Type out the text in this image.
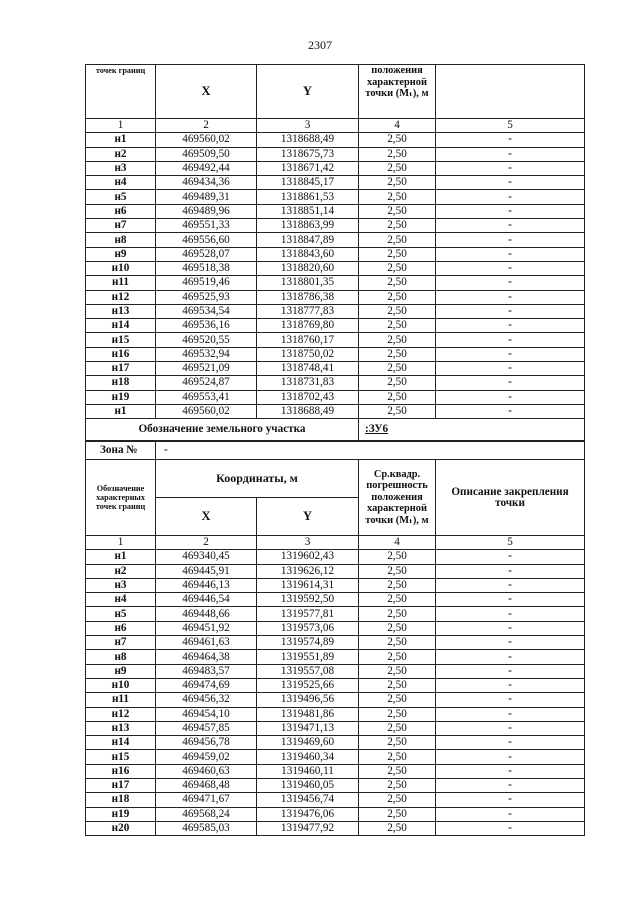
2307
точек границ	X	Y	положения характерной точки (Mₜ), м	
1	2	3	4	5
н1	469560,02	1318688,49	2,50	-
н2	469509,50	1318675,73	2,50	-
н3	469492,44	1318671,42	2,50	-
н4	469434,36	1318845,17	2,50	-
н5	469489,31	1318861,53	2,50	-
н6	469489,96	1318851,14	2,50	-
н7	469551,33	1318863,99	2,50	-
н8	469556,60	1318847,89	2,50	-
н9	469528,07	1318843,60	2,50	-
н10	469518,38	1318820,60	2,50	-
н11	469519,46	1318801,35	2,50	-
н12	469525,93	1318786,38	2,50	-
н13	469534,54	1318777,83	2,50	-
н14	469536,16	1318769,80	2,50	-
н15	469520,55	1318760,17	2,50	-
н16	469532,94	1318750,02	2,50	-
н17	469521,09	1318748,41	2,50	-
н18	469524,87	1318731,83	2,50	-
н19	469553,41	1318702,43	2,50	-
н1	469560,02	1318688,49	2,50	-
Обозначение земельного участка			:ЗУ6	
Зона №	-			
Обозначение характерных точек границ	Координаты, м		Ср.квадр. погрешность положения характерной точки (Mₜ), м	Описание закрепления точки
	X	Y		
1	2	3	4	5
н1	469340,45	1319602,43	2,50	-
н2	469445,91	1319626,12	2,50	-
н3	469446,13	1319614,31	2,50	-
н4	469446,54	1319592,50	2,50	-
н5	469448,66	1319577,81	2,50	-
н6	469451,92	1319573,06	2,50	-
н7	469461,63	1319574,89	2,50	-
н8	469464,38	1319551,89	2,50	-
н9	469483,57	1319557,08	2,50	-
н10	469474,69	1319525,66	2,50	-
н11	469456,32	1319496,56	2,50	-
н12	469454,10	1319481,86	2,50	-
н13	469457,85	1319471,13	2,50	-
н14	469456,78	1319469,60	2,50	-
н15	469459,02	1319460,34	2,50	-
н16	469460,63	1319460,11	2,50	-
н17	469468,48	1319460,05	2,50	-
н18	469471,67	1319456,74	2,50	-
н19	469568,24	1319476,06	2,50	-
н20	469585,03	1319477,92	2,50	-
